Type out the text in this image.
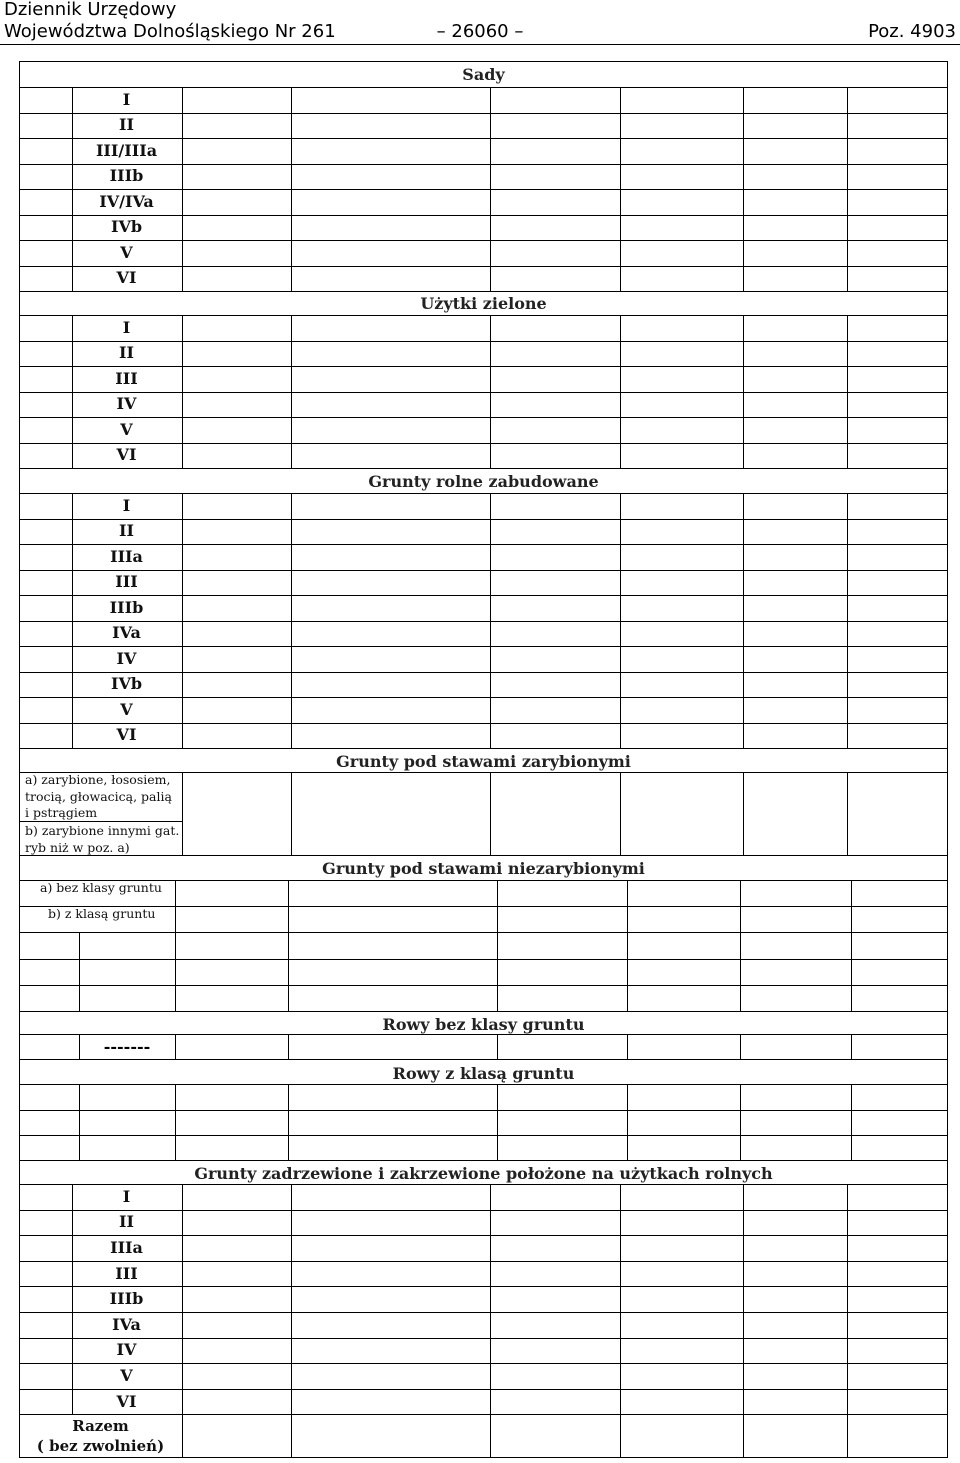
Dziennik Urzędowy
Województwa Dolnośląskiego Nr 261	– 26060 –	Poz. 4903
Sady
Użytki zielone
Grunty rolne zabudowane
Grunty pod stawami zarybionymi
Grunty pod stawami niezarybionymi
Rowy bez klasy gruntu
Rowy z klasą gruntu
Grunty zadrzewione i zakrzewione położone na użytkach rolnych
a) zarybione, łososiem,
trocią, głowacicą, palią
i pstrągiem
b) zarybione innymi gat.
ryb niż w poz. a)
a) bez klasy gruntu
b) z klasą gruntu
-------
Razem
( bez zwolnień)
I
II
III/IIIa
IIIb
IV/IVa
IVb
V
VI
I
II
III
IV
V
VI
I
II
IIIa
III
IIIb
IVa
IV
IVb
V
VI
I
II
IIIa
III
IIIb
IVa
IV
V
VI
